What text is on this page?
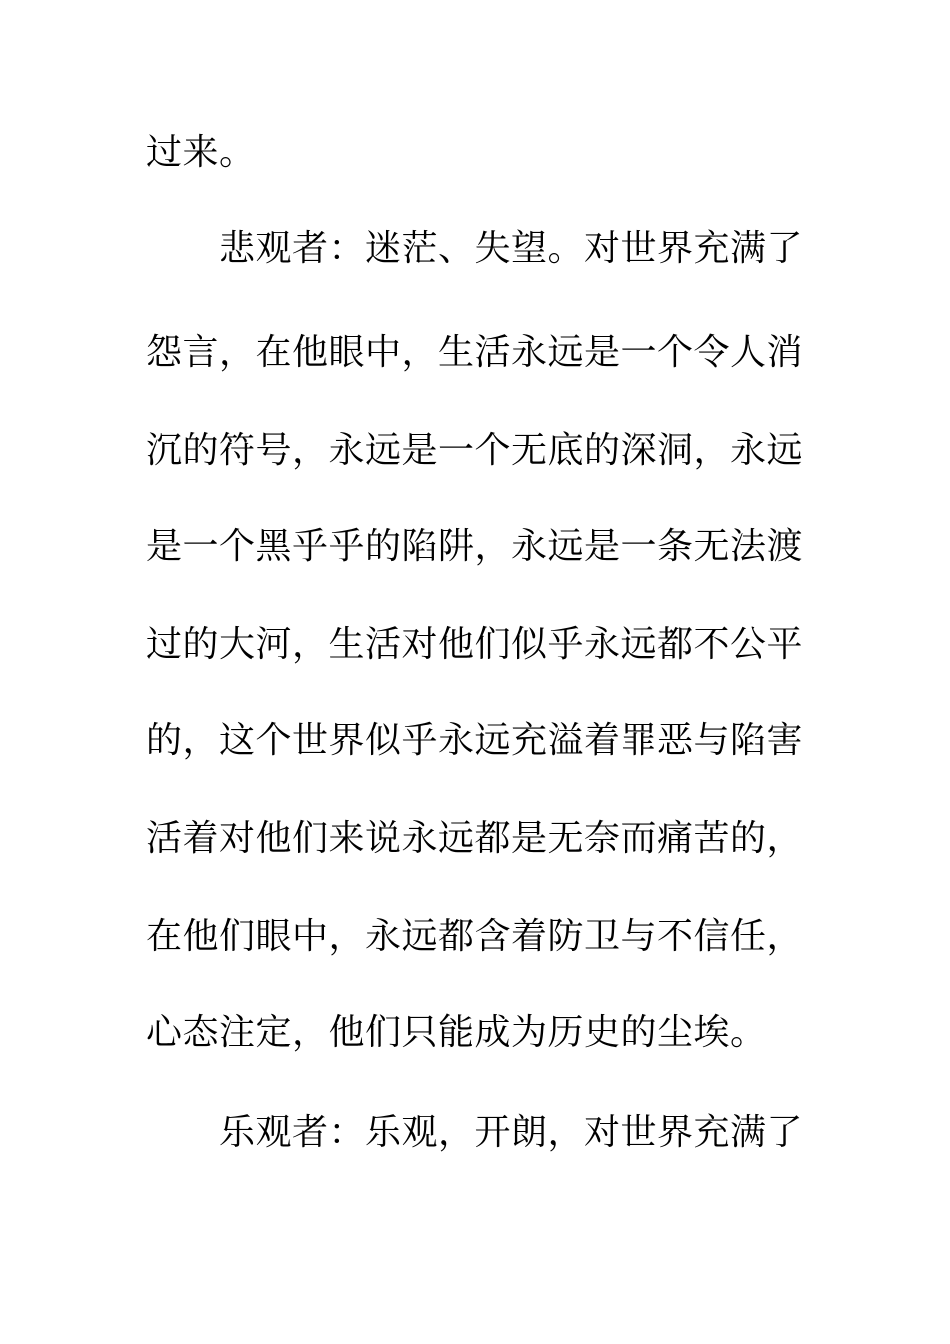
过来。
悲观者：迷茫、失望。对世界充满了
怨言，在他眼中，生活永远是一个令人消
沉的符号，永远是一个无底的深洞，永远
是一个黑乎乎的陷阱，永远是一条无法渡
过的大河，生活对他们似乎永远都不公平
的，这个世界似乎永远充溢着罪恶与陷害
活着对他们来说永远都是无奈而痛苦的，
在他们眼中，永远都含着防卫与不信任，
心态注定，他们只能成为历史的尘埃。
乐观者：乐观，开朗，对世界充满了
